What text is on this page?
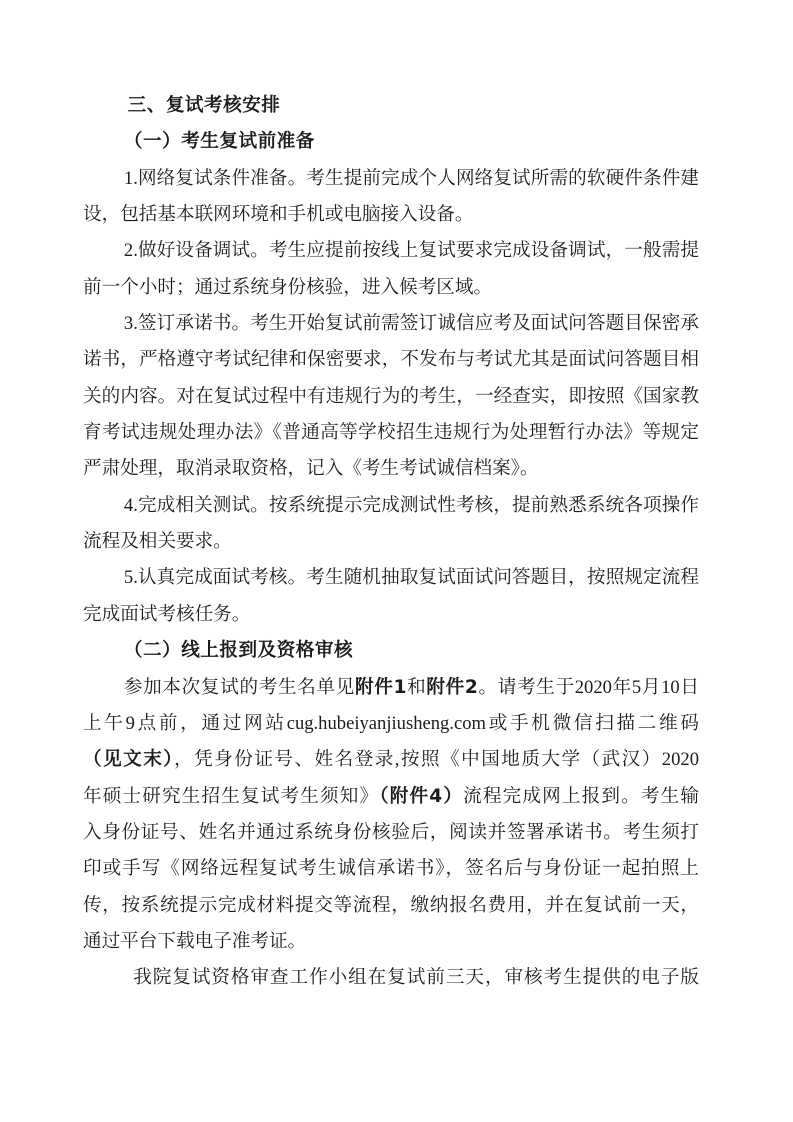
三、复试考核安排
（一）考生复试前准备
1.网络复试条件准备。考生提前完成个人网络复试所需的软硬件条件建
设，包括基本联网环境和手机或电脑接入设备。
2.做好设备调试。考生应提前按线上复试要求完成设备调试，一般需提
前一个小时；通过系统身份核验，进入候考区域。
3.签订承诺书。考生开始复试前需签订诚信应考及面试问答题目保密承
诺书，严格遵守考试纪律和保密要求，不发布与考试尤其是面试问答题目相
关的内容。对在复试过程中有违规行为的考生，一经查实，即按照《国家教
育考试违规处理办法》《普通高等学校招生违规行为处理暂行办法》等规定
严肃处理，取消录取资格，记入《考生考试诚信档案》。
4.完成相关测试。按系统提示完成测试性考核，提前熟悉系统各项操作
流程及相关要求。
5.认真完成面试考核。考生随机抽取复试面试问答题目，按照规定流程
完成面试考核任务。
（二）线上报到及资格审核
参加本次复试的考生名单见附件1和附件2。请考生于2020年5月10日
上午9点前，通过网站cug.hubeiyanjiusheng.com或手机微信扫描二维码
（见文末），凭身份证号、姓名登录,按照《中国地质大学（武汉）2020
年硕士研究生招生复试考生须知》（附件4）流程完成网上报到。考生输
入身份证号、姓名并通过系统身份核验后，阅读并签署承诺书。考生须打
印或手写《网络远程复试考生诚信承诺书》，签名后与身份证一起拍照上
传，按系统提示完成材料提交等流程，缴纳报名费用，并在复试前一天，
通过平台下载电子准考证。
我院复试资格审查工作小组在复试前三天，审核考生提供的电子版
